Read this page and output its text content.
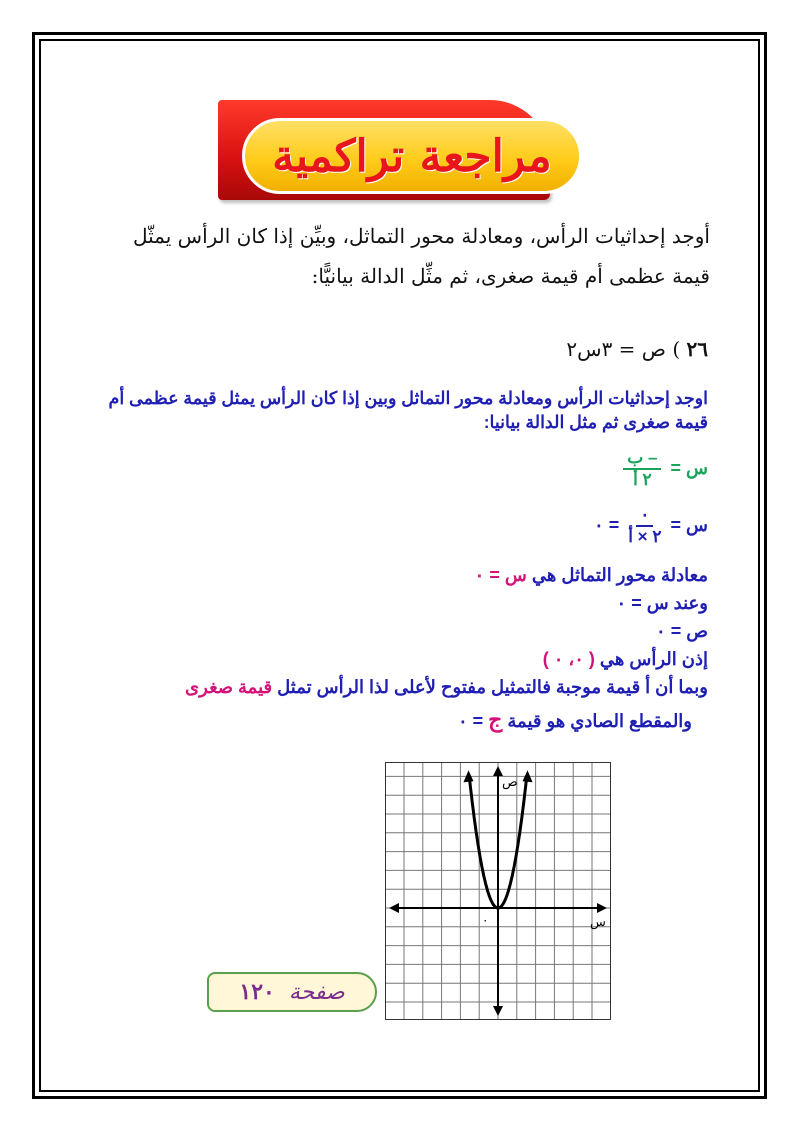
مراجعة تراكمية
أوجد إحداثيات الرأس، ومعادلة محور التماثل، وبيِّن إذا كان الرأس يمثّل
قيمة عظمى أم قيمة صغرى، ثم مثِّل الدالة بيانيًّا:
٢٦ ) ص = ٣س٢
اوجد إحداثيات الرأس ومعادلة محور التماثل وبين إذا كان الرأس يمثل قيمة عظمى أم
قيمة صغرى ثم مثل الدالة بيانيا:
س =
$\frac{\text{– ب}}{\text{٢ أ}}$
س =
$\frac{٠}{\text{٢ × أ}}$
= ٠
معادلة محور التماثل هي س = ٠
وعند س = ٠
ص = ٠
إذن الرأس هي ( ٠، ٠ )
وبما أن أ قيمة موجبة فالتمثيل مفتوح لأعلى لذا الرأس تمثل قيمة صغرى
والمقطع الصادي هو قيمة ج = ٠
ص
س
٠
صفحة
١٢٠
